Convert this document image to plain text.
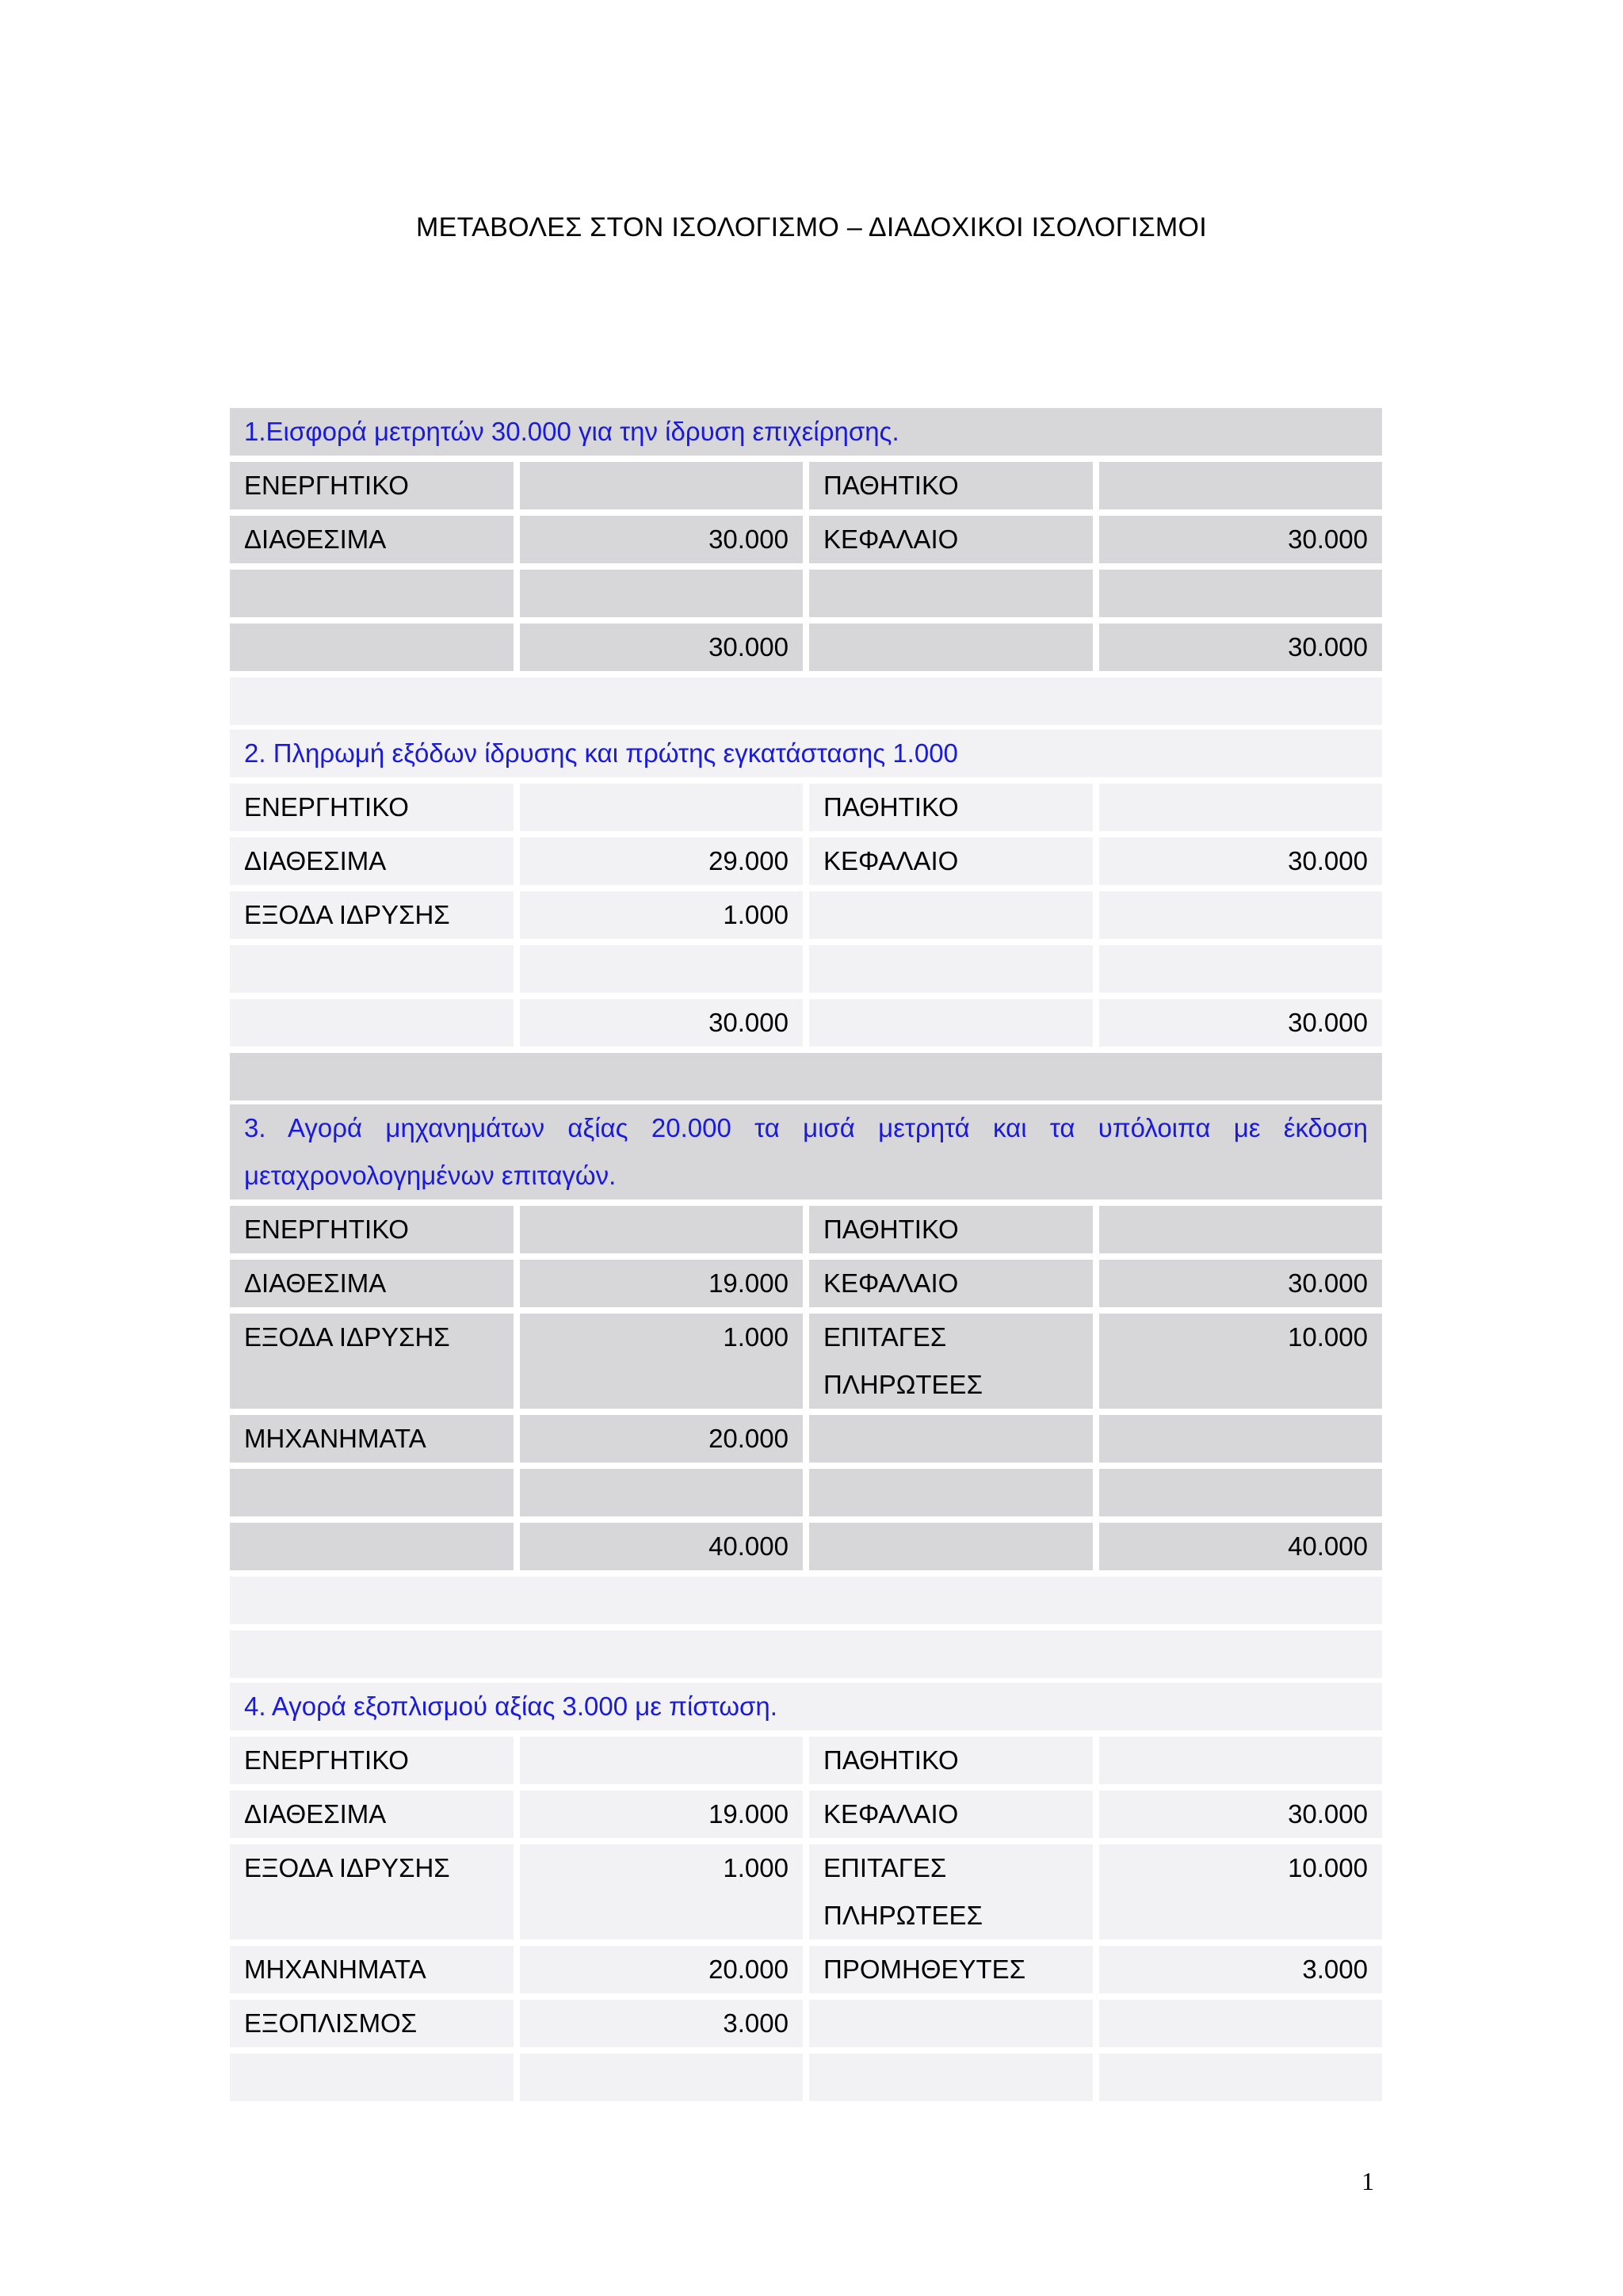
ΜΕΤΑΒΟΛΕΣ ΣΤΟΝ ΙΣΟΛΟΓΙΣΜΟ – ΔΙΑΔΟΧΙΚΟΙ ΙΣΟΛΟΓΙΣΜΟΙ
1.Εισφορά μετρητών 30.000 για την ίδρυση επιχείρησης.			
ΕΝΕΡΓΗΤΙΚΟ		ΠΑΘΗΤΙΚΟ	
ΔΙΑΘΕΣΙΜΑ	30.000	ΚΕΦΑΛΑΙΟ	30.000

	30.000		30.000

2. Πληρωμή εξόδων ίδρυσης και πρώτης εγκατάστασης 1.000			
ΕΝΕΡΓΗΤΙΚΟ		ΠΑΘΗΤΙΚΟ	
ΔΙΑΘΕΣΙΜΑ	29.000	ΚΕΦΑΛΑΙΟ	30.000
ΕΞΟΔΑ ΙΔΡΥΣΗΣ	1.000		

	30.000		30.000

3. Αγορά μηχανημάτων αξίας 20.000 τα μισά μετρητά και τα υπόλοιπα με έκδοση μεταχρονολογημένων επιταγών.			
ΕΝΕΡΓΗΤΙΚΟ		ΠΑΘΗΤΙΚΟ	
ΔΙΑΘΕΣΙΜΑ	19.000	ΚΕΦΑΛΑΙΟ	30.000
ΕΞΟΔΑ ΙΔΡΥΣΗΣ	1.000	ΕΠΙΤΑΓΕΣ ΠΛΗΡΩΤΕΕΣ	10.000
ΜΗΧΑΝΗΜΑΤΑ	20.000		

	40.000		40.000

4. Αγορά εξοπλισμού αξίας 3.000 με πίστωση.			
ΕΝΕΡΓΗΤΙΚΟ		ΠΑΘΗΤΙΚΟ	
ΔΙΑΘΕΣΙΜΑ	19.000	ΚΕΦΑΛΑΙΟ	30.000
ΕΞΟΔΑ ΙΔΡΥΣΗΣ	1.000	ΕΠΙΤΑΓΕΣ ΠΛΗΡΩΤΕΕΣ	10.000
ΜΗΧΑΝΗΜΑΤΑ	20.000	ΠΡΟΜΗΘΕΥΤΕΣ	3.000
ΕΞΟΠΛΙΣΜΟΣ	3.000		

1
